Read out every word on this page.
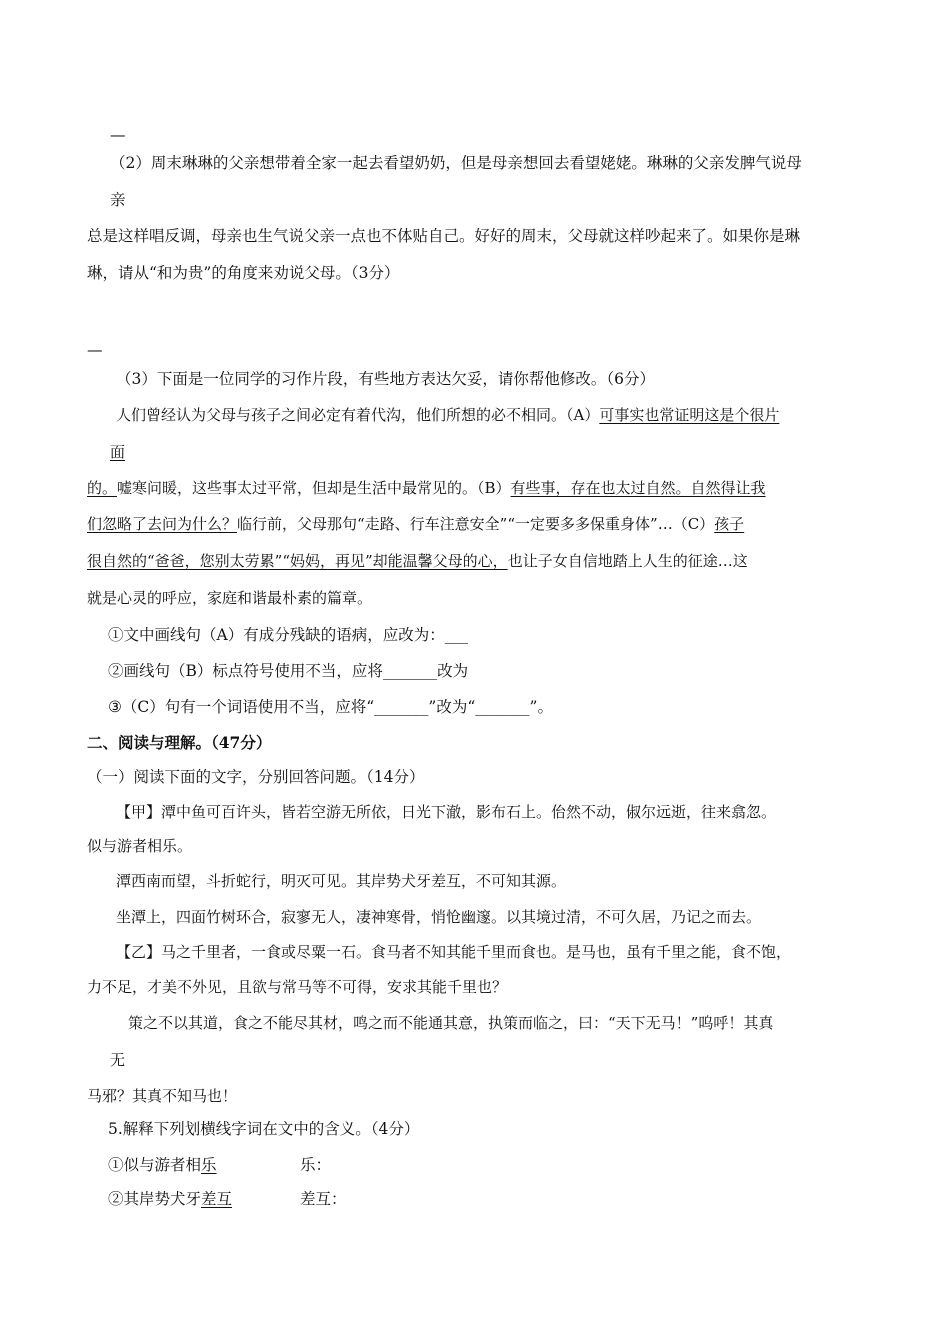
—
（2）周末琳琳的父亲想带着全家一起去看望奶奶，但是母亲想回去看望姥姥。琳琳的父亲发脾气说母
亲
总是这样唱反调，母亲也生气说父亲一点也不体贴自己。好好的周末，父母就这样吵起来了。如果你是琳
琳，请从“和为贵”的角度来劝说父母。（3分）
—
（3）下面是一位同学的习作片段，有些地方表达欠妥，请你帮他修改。（6分）
人们曾经认为父母与孩子之间必定有着代沟，他们所想的必不相同。（A）可事实也常证明这是个很片
面
的。嘘寒问暖，这些事太过平常，但却是生活中最常见的。（B）有些事，存在也太过自然。自然得让我
们忽略了去问为什么？临行前，父母那句“走路、行车注意安全”“一定要多多保重身体”…（C）孩子
很自然的“爸爸，您别太劳累”“妈妈，再见”却能温馨父母的心，也让子女自信地踏上人生的征途…这
就是心灵的呼应，家庭和谐最朴素的篇章。
①文中画线句（A）有成分残缺的语病，应改为：___
②画线句（B）标点符号使用不当，应将_______改为
③（C）句有一个词语使用不当，应将“_______”改为“_______”。
二、阅读与理解。（47分）
（一）阅读下面的文字，分别回答问题。（14分）
【甲】潭中鱼可百许头，皆若空游无所依，日光下澈，影布石上。佁然不动，俶尔远逝，往来翕忽。
似与游者相乐。
潭西南而望，斗折蛇行，明灭可见。其岸势犬牙差互，不可知其源。
坐潭上，四面竹树环合，寂寥无人，凄神寒骨，悄怆幽邃。以其境过清，不可久居，乃记之而去。
【乙】马之千里者，一食或尽粟一石。食马者不知其能千里而食也。是马也，虽有千里之能，食不饱，
力不足，才美不外见，且欲与常马等不可得，安求其能千里也？
策之不以其道，食之不能尽其材，鸣之而不能通其意，执策而临之，曰：“天下无马！”呜呼！其真
无
马邪？其真不知马也！
5.解释下列划横线字词在文中的含义。（4分）
①似与游者相乐	乐：
②其岸势犬牙差互	差互：
